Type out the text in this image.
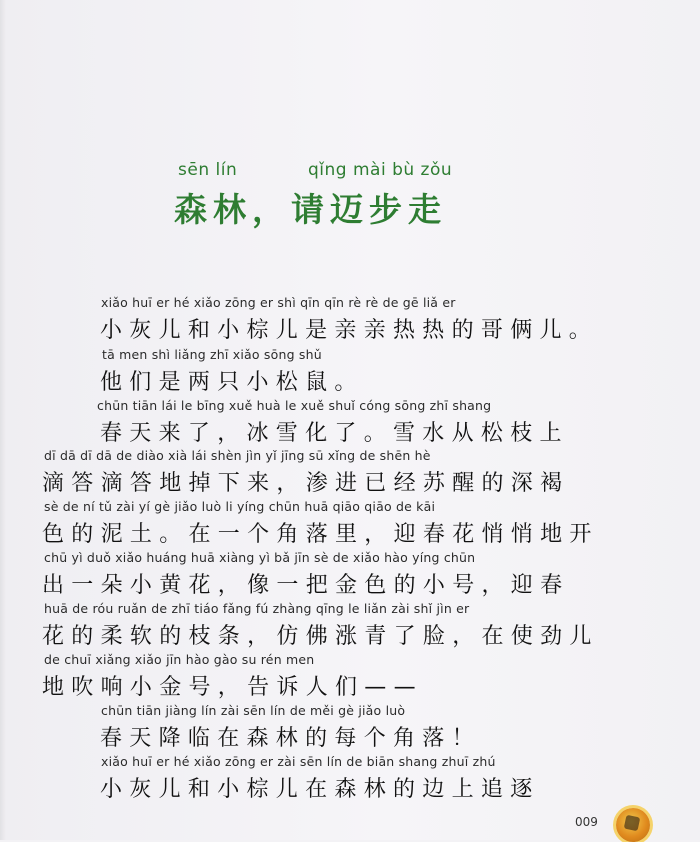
sēn lín	qǐng mài bù zǒu
森林，请迈步走
xiǎo huī er hé xiǎo zōng er shì qīn qīn rè rè de gē liǎ er
小灰儿和小棕儿是亲亲热热的哥俩儿。
tā men shì liǎng zhī xiǎo sōng shǔ
他们是两只小松鼠。
chūn tiān lái le bīng xuě huà le xuě shuǐ cóng sōng zhī shang
春天来了，冰雪化了。雪水从松枝上
dī dā dī dā de diào xià lái shèn jìn yǐ jīng sū xǐng de shēn hè
滴答滴答地掉下来，渗进已经苏醒的深褐
sè de ní tǔ zài yí gè jiǎo luò li yíng chūn huā qiāo qiāo de kāi
色的泥土。在一个角落里，迎春花悄悄地开
chū yì duǒ xiǎo huáng huā xiàng yì bǎ jīn sè de xiǎo hào yíng chūn
出一朵小黄花，像一把金色的小号，迎春
huā de róu ruǎn de zhī tiáo fǎng fú zhàng qīng le liǎn zài shǐ jìn er
花的柔软的枝条，仿佛涨青了脸，在使劲儿
de chuī xiǎng xiǎo jīn hào gào su rén men
地吹响小金号，告诉人们——
chūn tiān jiàng lín zài sēn lín de měi gè jiǎo luò
春天降临在森林的每个角落！
xiǎo huī er hé xiǎo zōng er zài sēn lín de biān shang zhuī zhú
小灰儿和小棕儿在森林的边上追逐
009
